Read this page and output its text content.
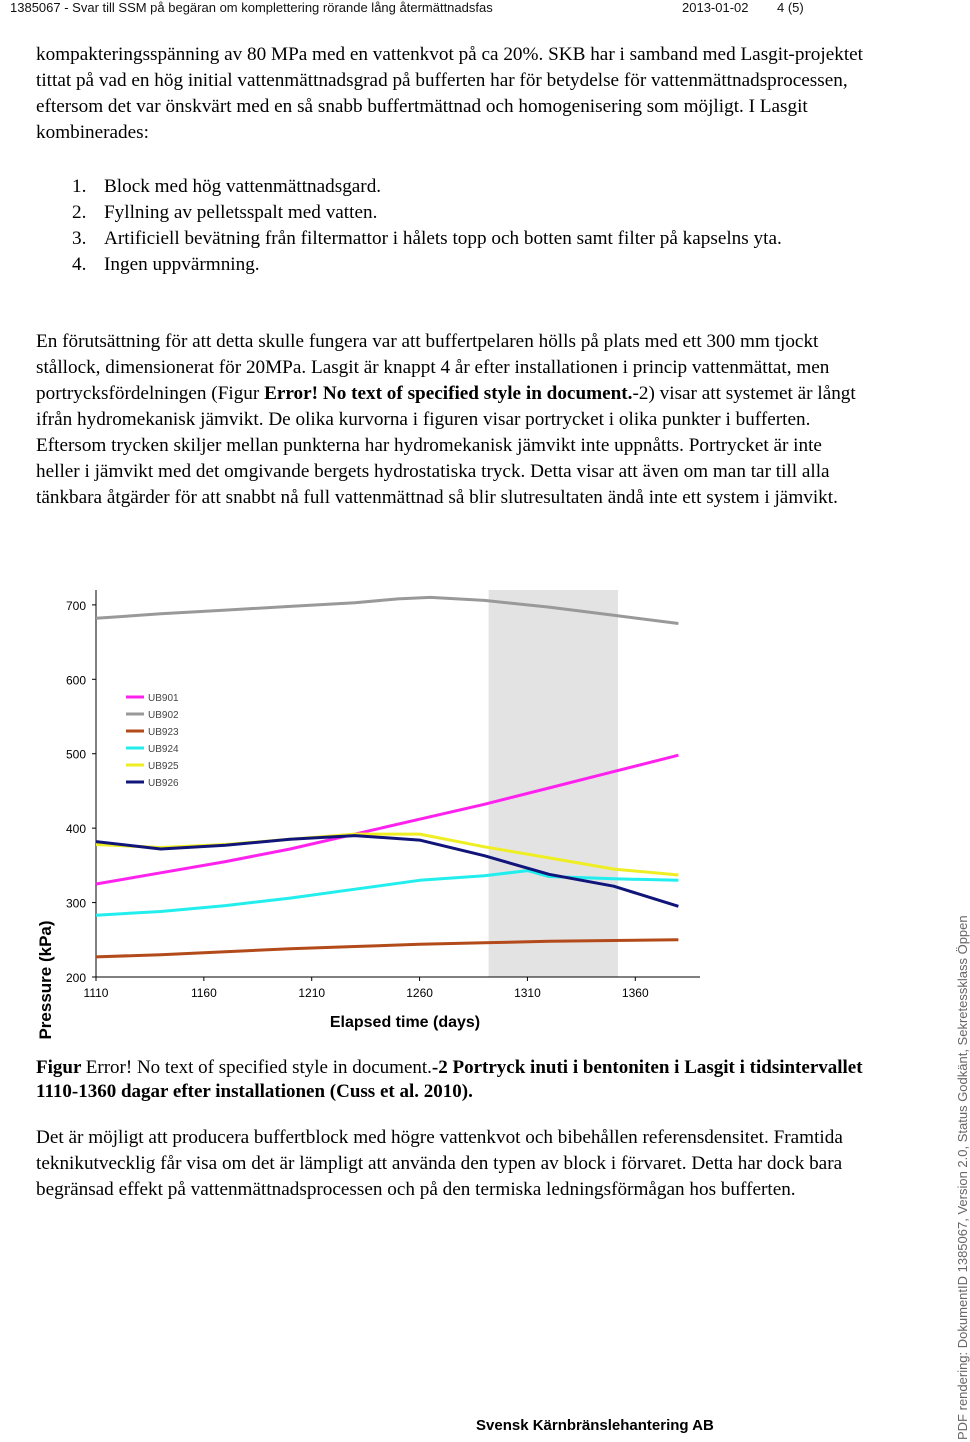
1385067 - Svar till SSM på begäran om komplettering rörande lång återmättnadsfas	2013-01-02 4 (5)

kompakteringsspänning av 80 MPa med en vattenkvot på ca 20%. SKB har i samband med Lasgit-projektet tittat på vad en hög initial vattenmättnadsgrad på bufferten har för betydelse för vattenmättnadsprocessen, eftersom det var önskvärt med en så snabb buffertmättnad och homogenisering som möjligt. I Lasgit kombinerades:

1. Block med hög vattenmättnadsgard.
2. Fyllning av pelletsspalt med vatten.
3. Artificiell bevätning från filtermattor i hålets topp och botten samt filter på kapselns yta.
4. Ingen uppvärmning.

En förutsättning för att detta skulle fungera var att buffertpelaren hölls på plats med ett 300 mm tjockt stållock, dimensionerat för 20MPa. Lasgit är knappt 4 år efter installationen i princip vattenmättat, men portrycksfördelningen (Figur Error! No text of specified style in document.-2) visar att systemet är långt ifrån hydromekanisk jämvikt. De olika kurvorna i figuren visar portrycket i olika punkter i bufferten. Eftersom trycken skiljer mellan punkterna har hydromekanisk jämvikt inte uppnåtts. Portrycket är inte heller i jämvikt med det omgivande bergets hydrostatiska tryck. Detta visar att även om man tar till alla tänkbara åtgärder för att snabbt nå full vattenmättnad så blir slutresultaten ändå inte ett system i jämvikt.

200
300
400
500
600
700
1110	1160	1210	1260	1310	1360
UB901
UB902
UB923
UB924
UB925
UB926
Pressure (kPa)	Elapsed time (days)

Figur Error! No text of specified style in document.-2 Portryck inuti i bentoniten i Lasgit i tidsintervallet 1110-1360 dagar efter installationen (Cuss et al. 2010).

Det är möjligt att producera buffertblock med högre vattenkvot och bibehållen referensdensitet. Framtida teknikutvecklig får visa om det är lämpligt att använda den typen av block i förvaret. Detta har dock bara begränsad effekt på vattenmättnadsprocessen och på den termiska ledningsförmågan hos bufferten.

Svensk Kärnbränslehantering AB	PDF rendering: DokumentID 1385067, Version 2.0, Status Godkänt, Sekretessklass Öppen
